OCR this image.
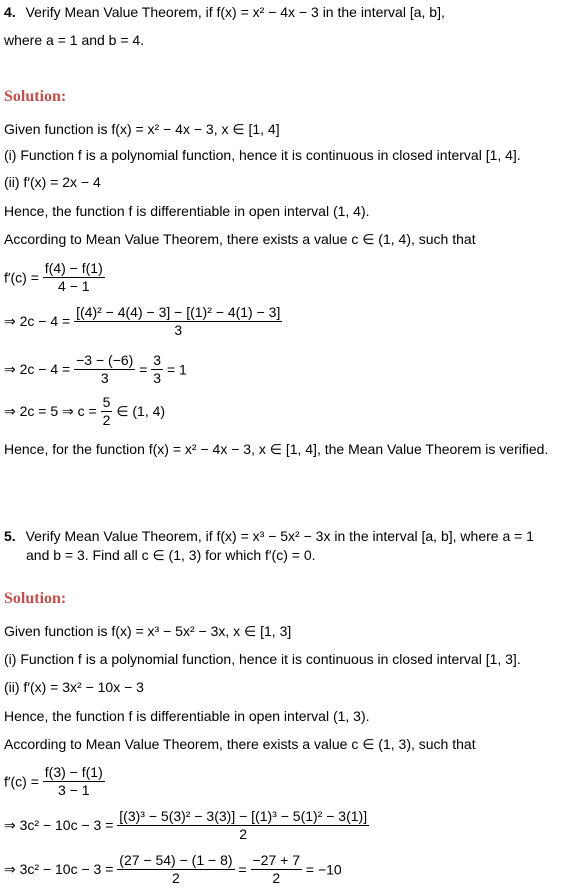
4. Verify Mean Value Theorem, if f(x) = x² − 4x − 3 in the interval [a, b],
where a = 1 and b = 4.
Solution:
Given function is f(x) = x² − 4x − 3, x ∈ [1, 4]
(i) Function f is a polynomial function, hence it is continuous in closed interval [1, 4].
(ii) f′(x) = 2x − 4
Hence, the function f is differentiable in open interval (1, 4).
According to Mean Value Theorem, there exists a value c ∈ (1, 4), such that
$f'(c) = \frac{f(4) - f(1)}{4 - 1}$
⇒ $2c - 4 = \frac{\text{[(4)² − 4(4) − 3] − [(1)² − 4(1) − 3]}}{3}$
⇒ $2c - 4 = \frac{-3 - (-6)}{3} = \frac{3}{3} = 1$
⇒ 2c = 5 ⇒ $c = \frac{5}{2}$ ∈ (1, 4)
Hence, for the function f(x) = x² − 4x − 3, x ∈ [1, 4], the Mean Value Theorem is verified.
5. Verify Mean Value Theorem, if f(x) = x³ − 5x² − 3x in the interval [a, b], where a = 1
and b = 3. Find all c ∈ (1, 3) for which f′(c) = 0.
Solution:
Given function is f(x) = x³ − 5x² − 3x, x ∈ [1, 3]
(i) Function f is a polynomial function, hence it is continuous in closed interval [1, 3].
(ii) f′(x) = 3x² − 10x − 3
Hence, the function f is differentiable in open interval (1, 3).
According to Mean Value Theorem, there exists a value c ∈ (1, 3), such that
$f'(c) = \frac{f(3) - f(1)}{3 - 1}$
⇒ $3c^2 - 10c - 3 = \frac{\text{[(3)³ − 5(3)² − 3(3)] − [(1)³ − 5(1)² − 3(1)]}}{2}$
⇒ $3c^2 - 10c - 3 = \frac{(27 - 54) - (1 - 8)}{2} = \frac{-27 + 7}{2} = -10$
